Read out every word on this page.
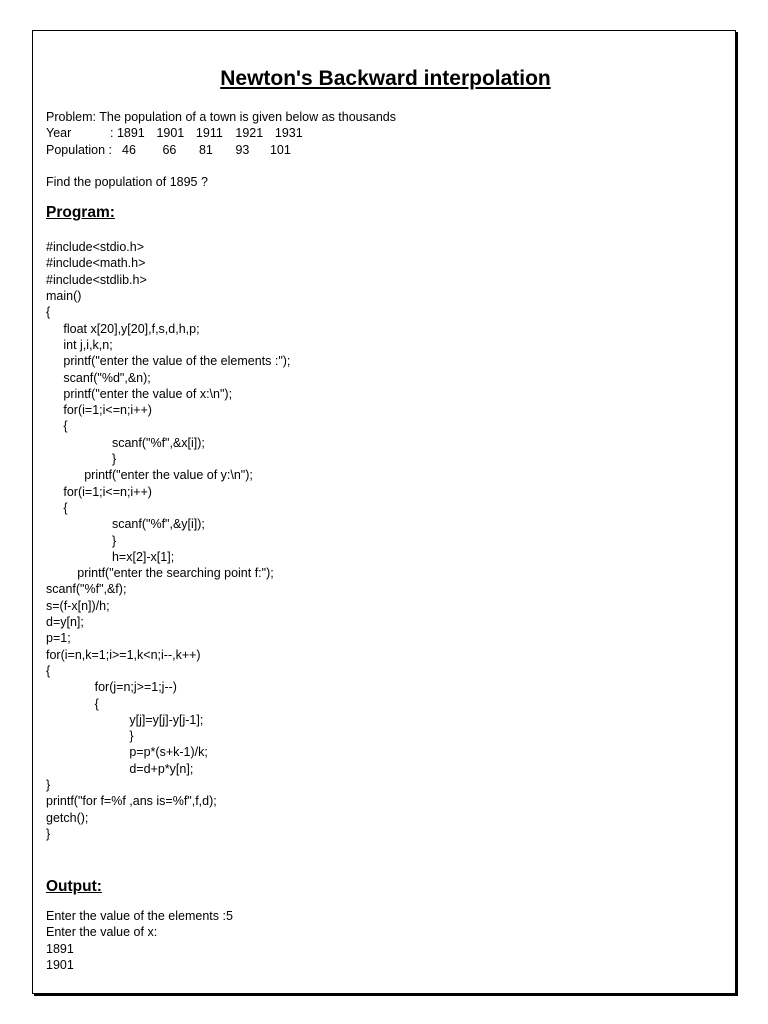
Newton's Backward interpolation
Problem: The population of a town is given below as thousands
Year	: 1891 1901 1911 1921 1931
Population : 46 66 81 93 101
Find the population of 1895 ?
Program:
#include<stdio.h>
#include<math.h>
#include<stdlib.h>
main()
{
float x[20],y[20],f,s,d,h,p;
int j,i,k,n;
printf("enter the value of the elements :");
scanf("%d",&n);
printf("enter the value of x:\n");
for(i=1;i<=n;i++)
{
scanf("%f",&x[i]);
}
printf("enter the value of y:\n");
for(i=1;i<=n;i++)
{
scanf("%f",&y[i]);
}
h=x[2]-x[1];
printf("enter the searching point f:");
scanf("%f",&f);
s=(f-x[n])/h;
d=y[n];
p=1;
for(i=n,k=1;i>=1,k<n;i--,k++)
{
for(j=n;j>=1;j--)
{
y[j]=y[j]-y[j-1];
}
p=p*(s+k-1)/k;
d=d+p*y[n];
}
printf("for f=%f ,ans is=%f",f,d);
getch();
}
Output:
Enter the value of the elements :5
Enter the value of x:
1891
1901
